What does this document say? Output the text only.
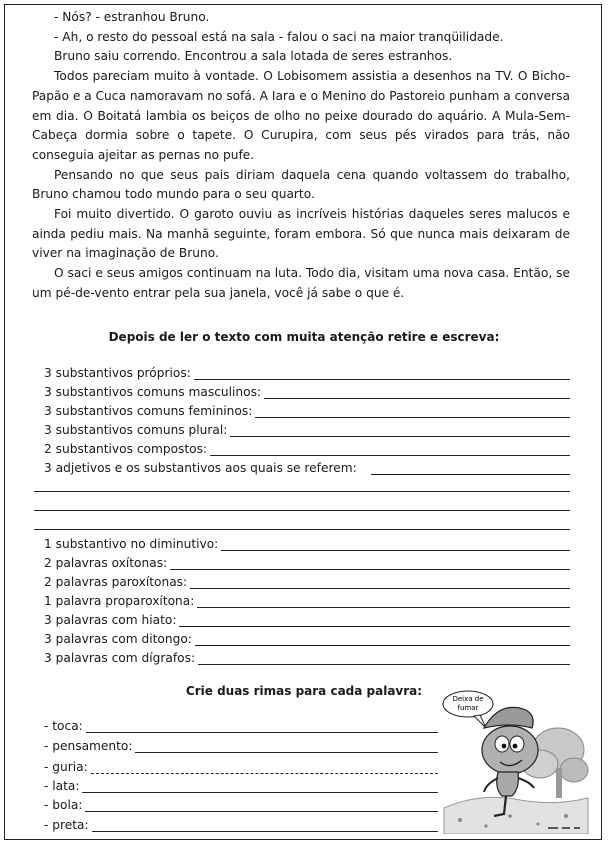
- Nós? - estranhou Bruno.

- Ah, o resto do pessoal está na sala - falou o saci na maior tranqüilidade.

Bruno saiu correndo. Encontrou a sala lotada de seres estranhos.

Todos pareciam muito à vontade. O Lobisomem assistia a desenhos na TV. O Bicho-Papão e a Cuca namoravam no sofá. A Iara e o Menino do Pastoreio punham a conversa em dia. O Boitatá lambia os beiços de olho no peixe dourado do aquário. A Mula-Sem-Cabeça dormia sobre o tapete. O Curupira, com seus pés virados para trás, não conseguia ajeitar as pernas no pufe.

Pensando no que seus pais diriam daquela cena quando voltassem do trabalho, Bruno chamou todo mundo para o seu quarto.

Foi muito divertido. O garoto ouviu as incríveis histórias daqueles seres malucos e ainda pediu mais. Na manhã seguinte, foram embora. Só que nunca mais deixaram de viver na imaginação de Bruno.

O saci e seus amigos continuam na luta. Todo dia, visitam uma nova casa. Então, se um pé-de-vento entrar pela sua janela, você já sabe o que é.

Depois de ler o texto com muita atenção retire e escreva:
3 substantivos próprios:
3 substantivos comuns masculinos:
3 substantivos comuns femininos:
3 substantivos comuns plural:
2 substantivos compostos:
3 adjetivos e os substantivos aos quais se referem:
1 substantivo no diminutivo:
2 palavras oxítonas:
2 palavras paroxítonas:
1 palavra proparoxítona:
3 palavras com hiato:
3 palavras com ditongo:
3 palavras com dígrafos:
Crie duas rimas para cada palavra:
- toca:
- pensamento:
- guria:
- lata:
- bola:
- preta:
Deixa de
fumar
